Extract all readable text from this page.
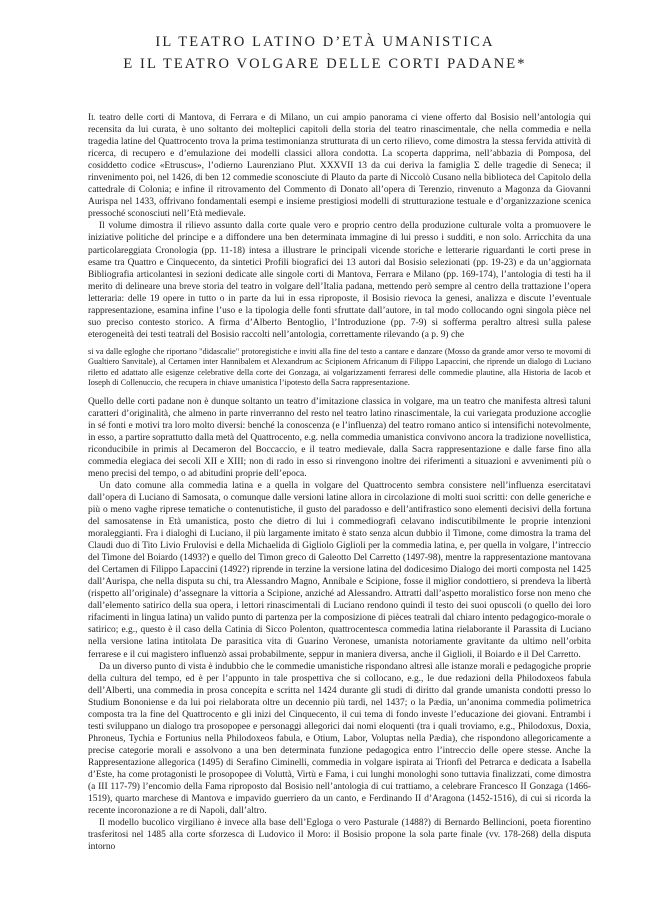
IL TEATRO LATINO D’ETÀ UMANISTICA
E IL TEATRO VOLGARE DELLE CORTI PADANE*

Il teatro delle corti di Mantova, di Ferrara e di Milano, un cui ampio panorama ci viene offerto dal Bosisio nell’antologia qui recensita da lui curata, è uno soltanto dei molteplici capitoli della storia del teatro rinascimentale, che nella commedia e nella tragedia latine del Quattrocento trova la prima testimonianza strutturata di un certo rilievo, come dimostra la stessa fervida attività di ricerca, di recupero e d’emulazione dei modelli classici allora condotta. La scoperta dapprima, nell’abbazia di Pomposa, del cosiddetto codice «Etruscus», l’odierno Laurenziano Plut. XXXVII 13 da cui deriva la famiglia Σ delle tragedie di Seneca; il rinvenimento poi, nel 1426, di ben 12 commedie sconosciute di Plauto da parte di Niccolò Cusano nella biblioteca del Capitolo della cattedrale di Colonia; e infine il ritrovamento del Commento di Donato all’opera di Terenzio, rinvenuto a Magonza da Giovanni Aurispa nel 1433, offrivano fondamentali esempi e insieme prestigiosi modelli di strutturazione testuale e d’organizzazione scenica pressoché sconosciuti nell’Età medievale.

Il volume dimostra il rilievo assunto dalla corte quale vero e proprio centro della produzione culturale volta a promuovere le iniziative politiche del principe e a diffondere una ben determinata immagine di lui presso i sudditi, e non solo. Arricchita da una particolareggiata Cronologia (pp. 11-18) intesa a illustrare le principali vicende storiche e letterarie riguardanti le corti prese in esame tra Quattro e Cinquecento, da sintetici Profili biografici dei 13 autori dal Bosisio selezionati (pp. 19-23) e da un’aggiornata Bibliografia articolantesi in sezioni dedicate alle singole corti di Mantova, Ferrara e Milano (pp. 169-174), l’antologia di testi ha il merito di delineare una breve storia del teatro in volgare dell’Italia padana, mettendo però sempre al centro della trattazione l’opera letteraria: delle 19 opere in tutto o in parte da lui in essa riproposte, il Bosisio rievoca la genesi, analizza e discute l’eventuale rappresentazione, esamina infine l’uso e la tipologia delle fonti sfruttate dall’autore, in tal modo collocando ogni singola pièce nel suo preciso contesto storico. A firma d’Alberto Bentoglio, l’Introduzione (pp. 7-9) si sofferma peraltro altresì sulla palese eterogeneità dei testi teatrali del Bosisio raccolti nell’antologia, correttamente rilevando (a p. 9) che

si va dalle egloghe che riportano "didascalie" protoregistiche e inviti alla fine del testo a cantare e danzare (Mosso da grande amor verso te movomi di Gualtiero Sanvitale), al Certamen inter Hannibalem et Alexandrum ac Scipionem Africanum di Filippo Lapaccini, che riprende un dialogo di Luciano riletto ed adattato alle esigenze celebrative della corte dei Gonzaga, ai volgarizzamenti ferraresi delle commedie plautine, alla Historia de Iacob et Ioseph di Collenuccio, che recupera in chiave umanistica l’ipotesto della Sacra rappresentazione.

Quello delle corti padane non è dunque soltanto un teatro d’imitazione classica in volgare, ma un teatro che manifesta altresì taluni caratteri d’originalità, che almeno in parte rinverranno del resto nel teatro latino rinascimentale, la cui variegata produzione accoglie in sé fonti e motivi tra loro molto diversi: benché la conoscenza (e l’influenza) del teatro romano antico si intensifichi notevolmente, in esso, a partire soprattutto dalla metà del Quattrocento, e.g. nella commedia umanistica convivono ancora la tradizione novellistica, riconducibile in primis al Decameron del Boccaccio, e il teatro medievale, dalla Sacra rappresentazione e dalle farse fino alla commedia elegiaca dei secoli XII e XIII; non di rado in esso si rinvengono inoltre dei riferimenti a situazioni e avvenimenti più o meno precisi del tempo, o ad abitudini proprie dell’epoca.

Un dato comune alla commedia latina e a quella in volgare del Quattrocento sembra consistere nell’influenza esercitatavi dall’opera di Luciano di Samosata, o comunque dalle versioni latine allora in circolazione di molti suoi scritti: con delle generiche e più o meno vaghe riprese tematiche o contenutistiche, il gusto del paradosso e dell’antifrastico sono elementi decisivi della fortuna del samosatense in Età umanistica, posto che dietro di lui i commediografi celavano indiscutibilmente le proprie intenzioni moraleggianti. Fra i dialoghi di Luciano, il più largamente imitato è stato senza alcun dubbio il Timone, come dimostra la trama del Claudi duo di Tito Livio Frulovisi e della Michaelida di Gigliolo Giglioli per la commedia latina, e, per quella in volgare, l’intreccio del Timone del Boiardo (1493?) e quello del Timon greco di Galeotto Del Carretto (1497-98), mentre la rappresentazione mantovana del Certamen di Filippo Lapaccini (1492?) riprende in terzine la versione latina del dodicesimo Dialogo dei morti composta nel 1425 dall’Aurispa, che nella disputa su chi, tra Alessandro Magno, Annibale e Scipione, fosse il miglior condottiero, si prendeva la libertà (rispetto all’originale) d’assegnare la vittoria a Scipione, anziché ad Alessandro. Attratti dall’aspetto moralistico forse non meno che dall’elemento satirico della sua opera, i lettori rinascimentali di Luciano rendono quindi il testo dei suoi opuscoli (o quello dei loro rifacimenti in lingua latina) un valido punto di partenza per la composizione di pièces teatrali dal chiaro intento pedagogico-morale o satirico; e.g., questo è il caso della Catinia di Sicco Polenton, quattrocentesca commedia latina rielaborante il Parassita di Luciano nella versione latina intitolata De parasitica vita di Guarino Veronese, umanista notoriamente gravitante da ultimo nell’orbita ferrarese e il cui magistero influenzò assai probabilmente, seppur in maniera diversa, anche il Giglioli, il Boiardo e il Del Carretto.

Da un diverso punto di vista è indubbio che le commedie umanistiche rispondano altresì alle istanze morali e pedagogiche proprie della cultura del tempo, ed è per l’appunto in tale prospettiva che si collocano, e.g., le due redazioni della Philodoxeos fabula dell’Alberti, una commedia in prosa concepita e scritta nel 1424 durante gli studi di diritto dal grande umanista condotti presso lo Studium Bononiense e da lui poi rielaborata oltre un decennio più tardi, nel 1437; o la Pædia, un’anonima commedia polimetrica composta tra la fine del Quattrocento e gli inizi del Cinquecento, il cui tema di fondo investe l’educazione dei giovani. Entrambi i testi sviluppano un dialogo tra prosopopee e personaggi allegorici dai nomi eloquenti (tra i quali troviamo, e.g., Philodoxus, Doxia, Phroneus, Tychia e Fortunius nella Philodoxeos fabula, e Otium, Labor, Voluptas nella Pædia), che rispondono allegoricamente a precise categorie morali e assolvono a una ben determinata funzione pedagogica entro l’intreccio delle opere stesse. Anche la Rappresentazione allegorica (1495) di Serafino Ciminelli, commedia in volgare ispirata ai Trionfi del Petrarca e dedicata a Isabella d’Este, ha come protagonisti le prosopopee di Voluttà, Virtù e Fama, i cui lunghi monologhi sono tuttavia finalizzati, come dimostra (a III 117-79) l’encomio della Fama riproposto dal Bosisio nell’antologia di cui trattiamo, a celebrare Francesco II Gonzaga (1466-1519), quarto marchese di Mantova e impavido guerriero da un canto, e Ferdinando II d’Aragona (1452-1516), di cui si ricorda la recente incoronazione a re di Napoli, dall’altro.

Il modello bucolico virgiliano è invece alla base dell’Egloga o vero Pasturale (1488?) di Bernardo Bellincioni, poeta fiorentino trasferitosi nel 1485 alla corte sforzesca di Ludovico il Moro: il Bosisio propone la sola parte finale (vv. 178-268) della disputa intorno
